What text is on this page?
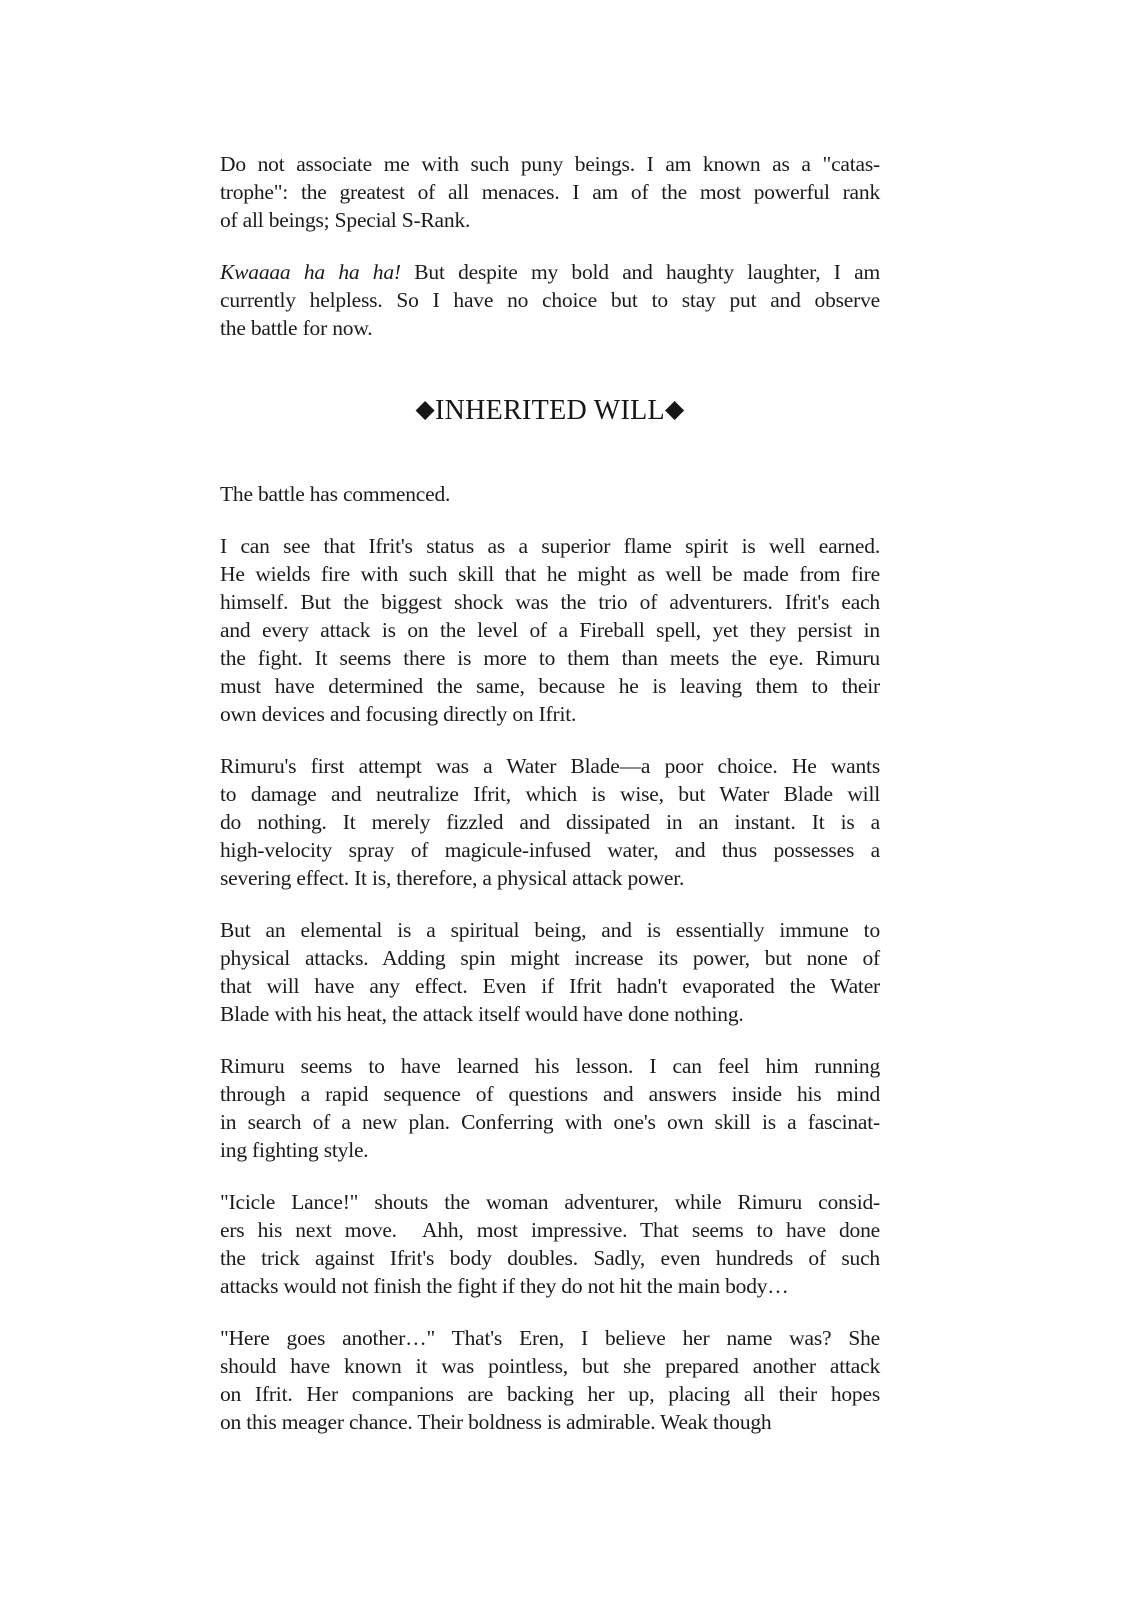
Do not associate me with such puny beings. I am known as a "catas-
trophe": the greatest of all menaces. I am of the most powerful rank
of all beings; Special S-Rank.
Kwaaaa ha ha ha! But despite my bold and haughty laughter, I am
currently helpless. So I have no choice but to stay put and observe
the battle for now.
◆INHERITED WILL◆
The battle has commenced.
I can see that Ifrit's status as a superior flame spirit is well earned.
He wields fire with such skill that he might as well be made from fire
himself. But the biggest shock was the trio of adventurers. Ifrit's each
and every attack is on the level of a Fireball spell, yet they persist in
the fight. It seems there is more to them than meets the eye. Rimuru
must have determined the same, because he is leaving them to their
own devices and focusing directly on Ifrit.
Rimuru's first attempt was a Water Blade—a poor choice. He wants
to damage and neutralize Ifrit, which is wise, but Water Blade will
do nothing. It merely fizzled and dissipated in an instant. It is a
high-velocity spray of magicule-infused water, and thus possesses a
severing effect. It is, therefore, a physical attack power.
But an elemental is a spiritual being, and is essentially immune to
physical attacks. Adding spin might increase its power, but none of
that will have any effect. Even if Ifrit hadn't evaporated the Water
Blade with his heat, the attack itself would have done nothing.
Rimuru seems to have learned his lesson. I can feel him running
through a rapid sequence of questions and answers inside his mind
in search of a new plan. Conferring with one's own skill is a fascinat-
ing fighting style.
"Icicle Lance!" shouts the woman adventurer, while Rimuru consid-
ers his next move.  Ahh, most impressive. That seems to have done
the trick against Ifrit's body doubles. Sadly, even hundreds of such
attacks would not finish the fight if they do not hit the main body…
"Here goes another…" That's Eren, I believe her name was? She
should have known it was pointless, but she prepared another attack
on Ifrit. Her companions are backing her up, placing all their hopes
on this meager chance. Their boldness is admirable. Weak though
